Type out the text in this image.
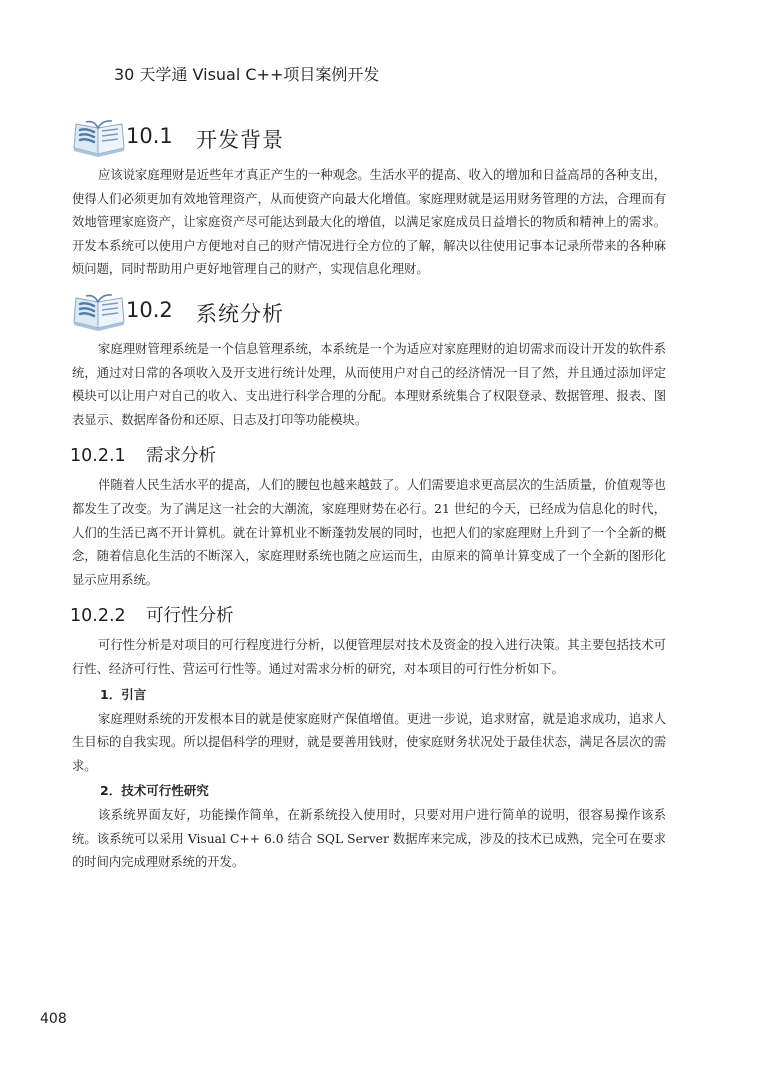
30 天学通 Visual C++项目案例开发
10.1 开发背景

应该说家庭理财是近些年才真正产生的一种观念。生活水平的提高、收入的增加和日益高昂的各种支出，使得人们必须更加有效地管理资产，从而使资产向最大化增值。家庭理财就是运用财务管理的方法，合理而有效地管理家庭资产，让家庭资产尽可能达到最大化的增值，以满足家庭成员日益增长的物质和精神上的需求。开发本系统可以使用户方便地对自己的财产情况进行全方位的了解，解决以往使用记事本记录所带来的各种麻烦问题，同时帮助用户更好地管理自己的财产，实现信息化理财。

10.2 系统分析

家庭理财管理系统是一个信息管理系统，本系统是一个为适应对家庭理财的迫切需求而设计开发的软件系统，通过对日常的各项收入及开支进行统计处理，从而使用户对自己的经济情况一目了然，并且通过添加评定模块可以让用户对自己的收入、支出进行科学合理的分配。本理财系统集合了权限登录、数据管理、报表、图表显示、数据库备份和还原、日志及打印等功能模块。

10.2.1 需求分析

伴随着人民生活水平的提高，人们的腰包也越来越鼓了。人们需要追求更高层次的生活质量，价值观等也都发生了改变。为了满足这一社会的大潮流，家庭理财势在必行。21 世纪的今天，已经成为信息化的时代，人们的生活已离不开计算机。就在计算机业不断蓬勃发展的同时，也把人们的家庭理财上升到了一个全新的概念，随着信息化生活的不断深入，家庭理财系统也随之应运而生，由原来的简单计算变成了一个全新的图形化显示应用系统。

10.2.2 可行性分析

可行性分析是对项目的可行程度进行分析，以便管理层对技术及资金的投入进行决策。其主要包括技术可行性、经济可行性、营运可行性等。通过对需求分析的研究，对本项目的可行性分析如下。

1．引言

家庭理财系统的开发根本目的就是使家庭财产保值增值。更进一步说，追求财富，就是追求成功，追求人生目标的自我实现。所以提倡科学的理财，就是要善用钱财，使家庭财务状况处于最佳状态，满足各层次的需求。

2．技术可行性研究

该系统界面友好，功能操作简单，在新系统投入使用时，只要对用户进行简单的说明，很容易操作该系统。该系统可以采用 Visual C++ 6.0 结合 SQL Server 数据库来完成，涉及的技术已成熟，完全可在要求的时间内完成理财系统的开发。

408
